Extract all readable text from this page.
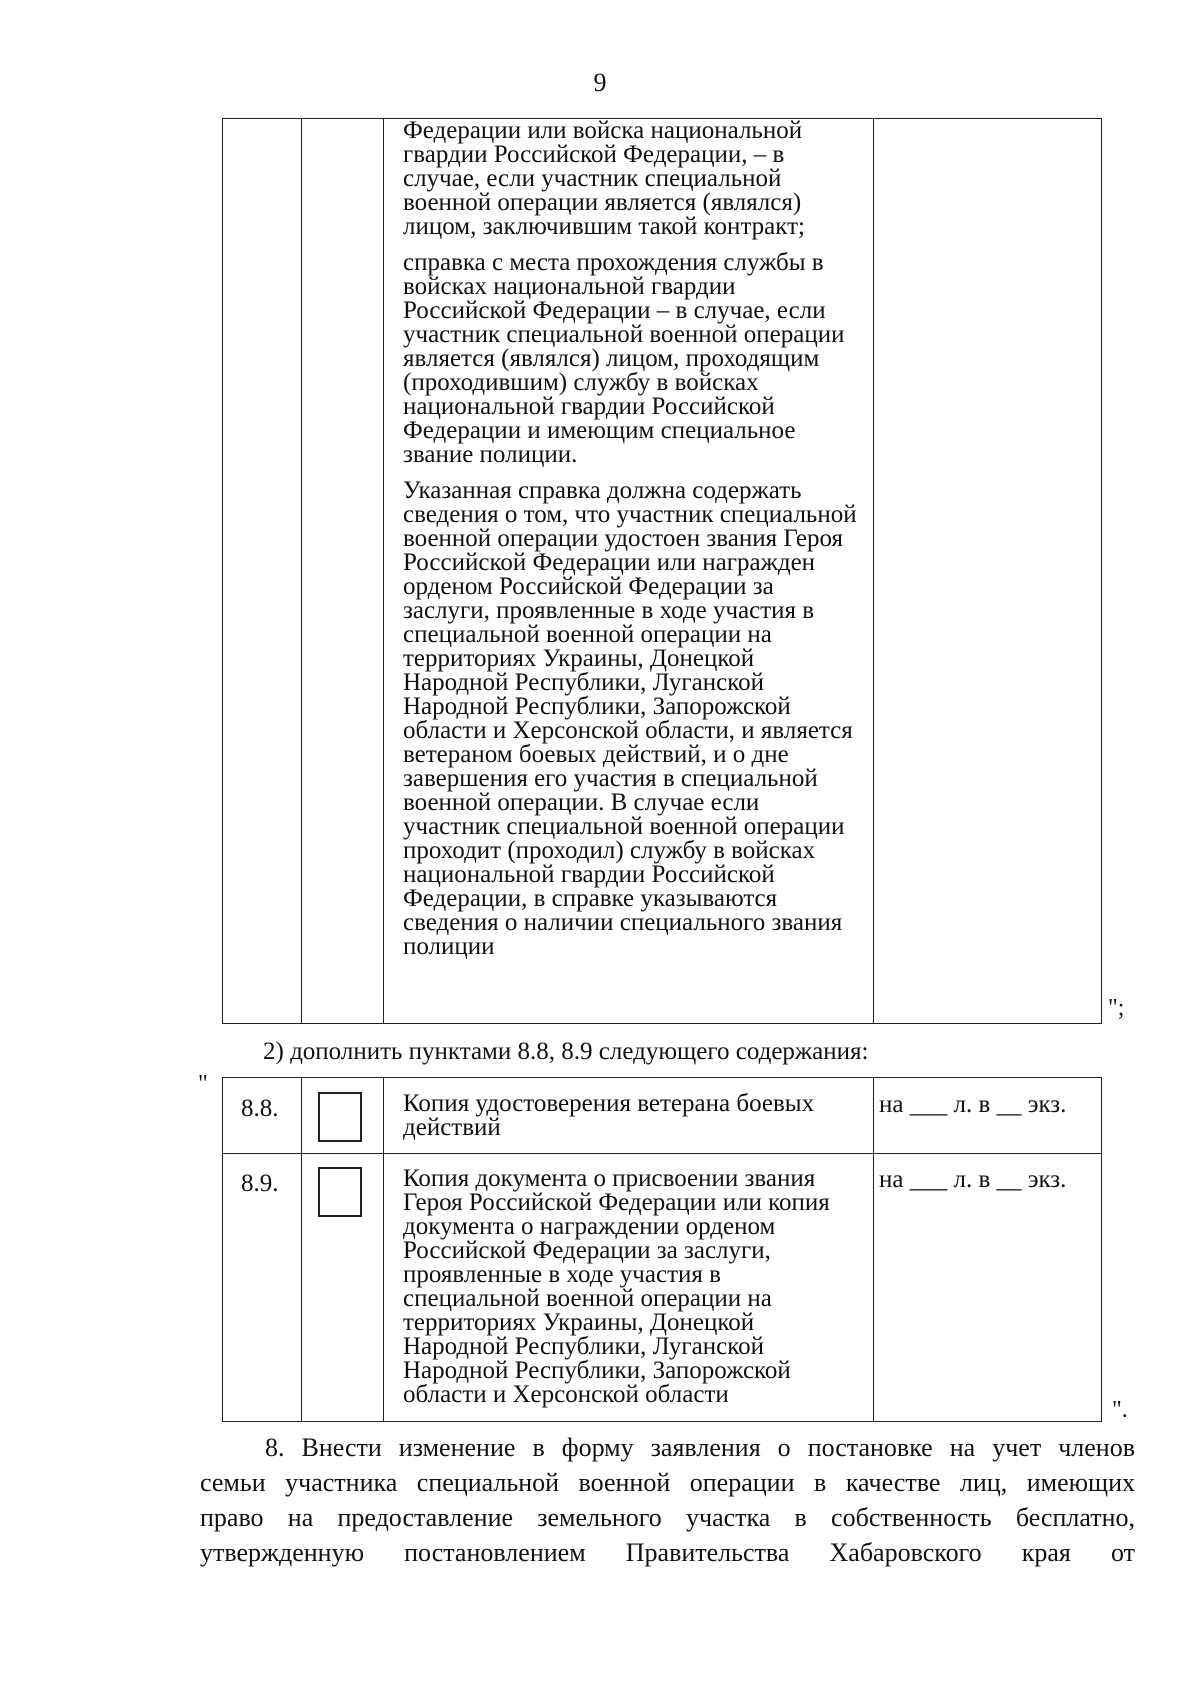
9

Федерации или войска национальной гвардии Российской Федерации, – в случае, если участник специальной военной операции является (являлся) лицом, заключившим такой контракт;

справка с места прохождения службы в войсках национальной гвардии Российской Федерации – в случае, если участник специальной военной операции является (являлся) лицом, проходящим (проходившим) службу в войсках национальной гвардии Российской Федерации и имеющим специальное звание полиции.

Указанная справка должна содержать сведения о том, что участник специальной военной операции удостоен звания Героя Российской Федерации или награжден орденом Российской Федерации за заслуги, проявленные в ходе участия в специальной военной операции на территориях Украины, Донецкой Народной Республики, Луганской Народной Республики, Запорожской области и Херсонской области, и является ветераном боевых действий, и о дне завершения его участия в специальной военной операции. В случае если участник специальной военной операции проходит (проходил) службу в войсках национальной гвардии Российской Федерации, в справке указываются сведения о наличии специального звания полиции

";
2) дополнить пунктами 8.8, 8.9 следующего содержания:
"
8.8.	Копия удостоверения ветерана боевых действий
на ___ л. в __ экз.
8.9.	Копия документа о присвоении звания Героя Российской Федерации или копия документа о награждении орденом Российской Федерации за заслуги, проявленные в ходе участия в специальной военной операции на территориях Украины, Донецкой Народной Республики, Луганской Народной Республики, Запорожской области и Херсонской области
на ___ л. в __ экз.
".
8. Внести изменение в форму заявления о постановке на учет членов
семьи участника специальной военной операции в качестве лиц, имеющих
право на предоставление земельного участка в собственность бесплатно,
утвержденную постановлением Правительства Хабаровского края от
